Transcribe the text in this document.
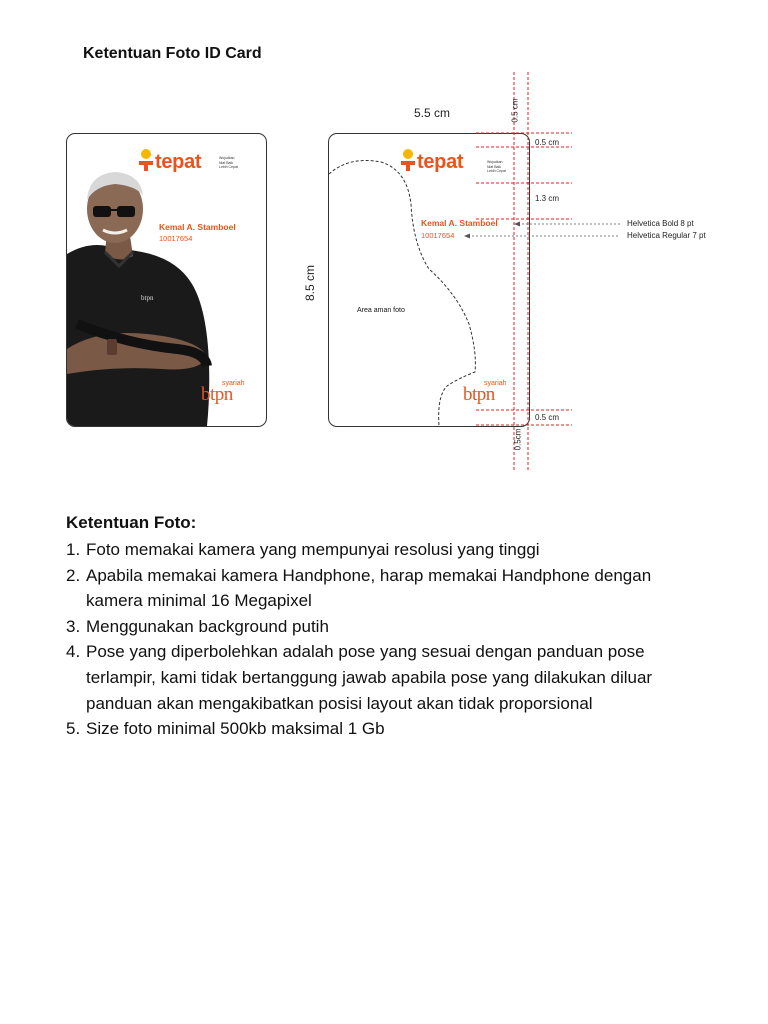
Ketentuan Foto ID Card
btpn
tepat	Wujudkan
Niat Baik
Lebih Cepat
Kemal A. Stamboel
10017654
syariah
btpn
tepat	Wujudkan
Niat Baik
Lebih Cepat
Kemal A. Stamboel
10017654
Area aman foto
syariah
btpn
5.5 cm
8.5 cm
0.5 cm
0.5 cm
1.3 cm
0.5 cm
0.5cm
Helvetica Bold 8 pt
Helvetica Regular 7 pt
Ketentuan Foto:
1. Foto memakai kamera yang mempunyai resolusi yang tinggi
2. Apabila memakai kamera Handphone, harap memakai Handphone dengan
kamera minimal 16 Megapixel
3. Menggunakan background putih
4. Pose yang diperbolehkan adalah pose yang sesuai dengan panduan pose
terlampir, kami tidak bertanggung jawab apabila pose yang dilakukan diluar
panduan akan mengakibatkan posisi layout akan tidak proporsional
5. Size foto minimal 500kb maksimal 1 Gb
